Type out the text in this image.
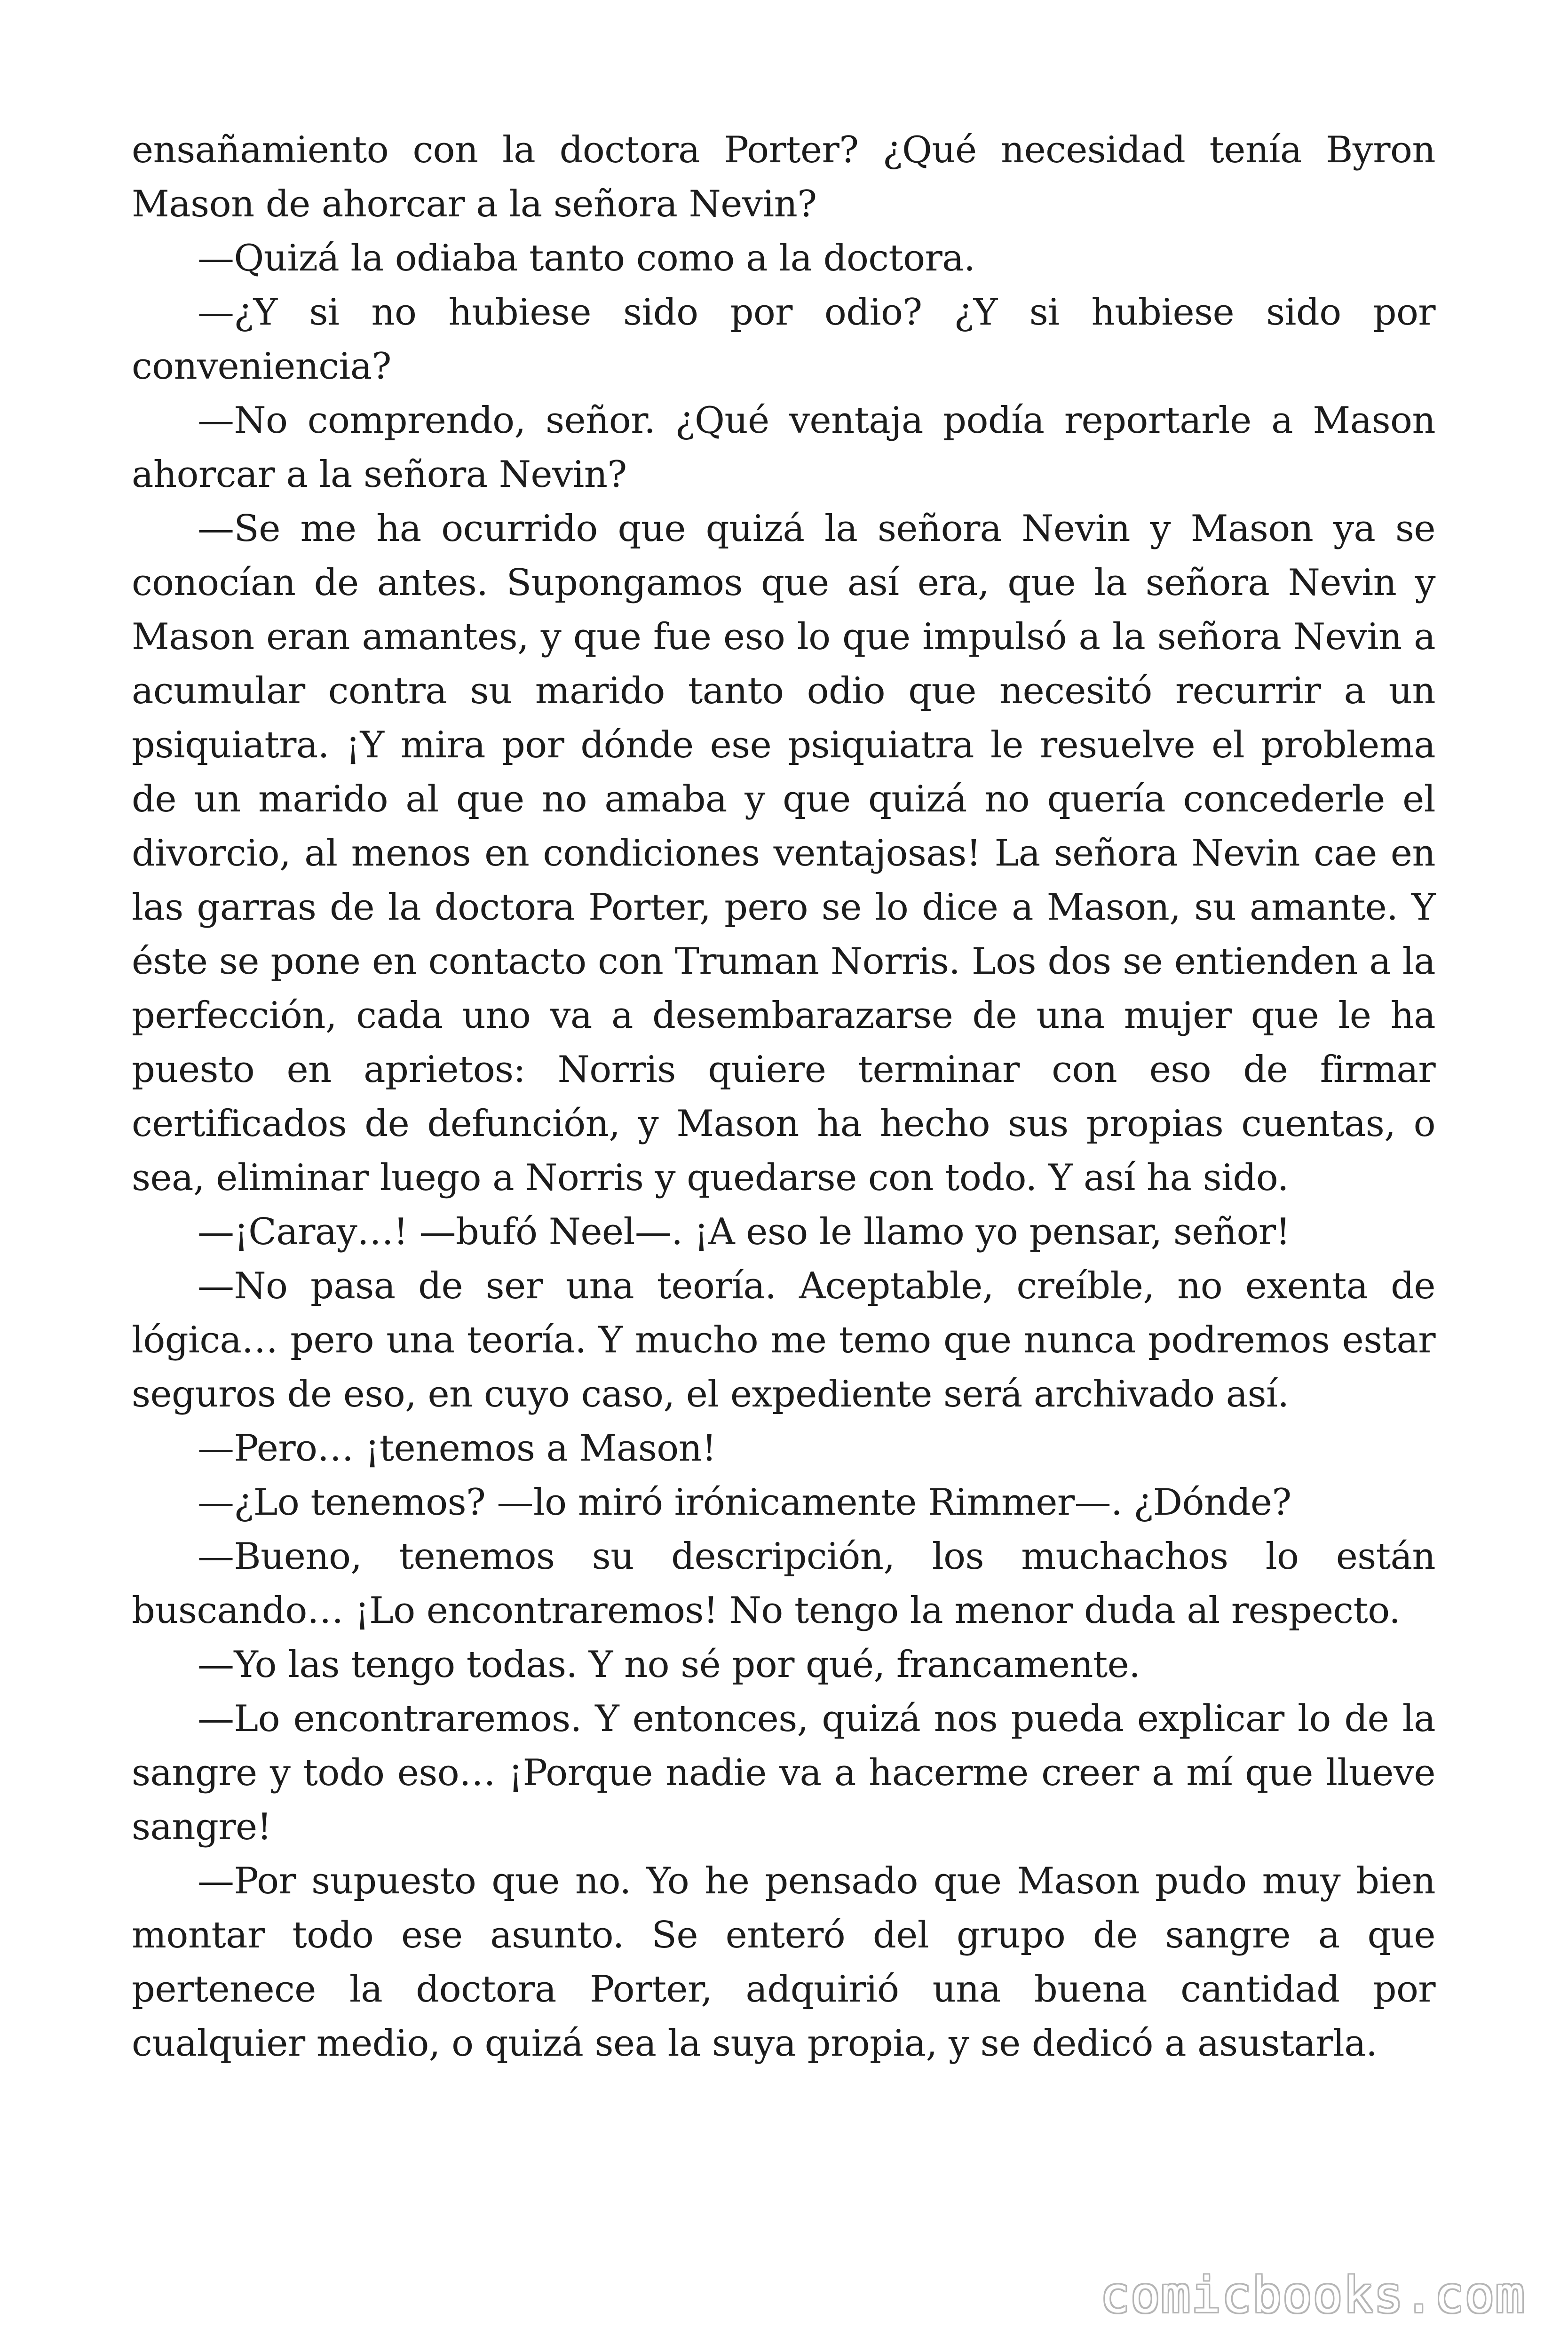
ensañamiento con la doctora Porter? ¿Qué necesidad tenía Byron Mason de ahorcar a la señora Nevin?

—Quizá la odiaba tanto como a la doctora.

—¿Y si no hubiese sido por odio? ¿Y si hubiese sido por conveniencia?

—No comprendo, señor. ¿Qué ventaja podía reportarle a Mason ahorcar a la señora Nevin?

—Se me ha ocurrido que quizá la señora Nevin y Mason ya se conocían de antes. Supongamos que así era, que la señora Nevin y Mason eran amantes, y que fue eso lo que impulsó a la señora Nevin a acumular contra su marido tanto odio que necesitó recurrir a un psiquiatra. ¡Y mira por dónde ese psiquiatra le resuelve el problema de un marido al que no amaba y que quizá no quería concederle el divorcio, al menos en condiciones ventajosas! La señora Nevin cae en las garras de la doctora Porter, pero se lo dice a Mason, su amante. Y éste se pone en contacto con Truman Norris. Los dos se entienden a la perfección, cada uno va a desembarazarse de una mujer que le ha puesto en aprietos: Norris quiere terminar con eso de firmar certificados de defunción, y Mason ha hecho sus propias cuentas, o sea, eliminar luego a Norris y quedarse con todo. Y así ha sido.

—¡Caray…! —bufó Neel—. ¡A eso le llamo yo pensar, señor!

—No pasa de ser una teoría. Aceptable, creíble, no exenta de lógica… pero una teoría. Y mucho me temo que nunca podremos estar seguros de eso, en cuyo caso, el expediente será archivado así.

—Pero… ¡tenemos a Mason!

—¿Lo tenemos? —lo miró irónicamente Rimmer—. ¿Dónde?

—Bueno, tenemos su descripción, los muchachos lo están buscando… ¡Lo encontraremos! No tengo la menor duda al respecto.

—Yo las tengo todas. Y no sé por qué, francamente.

—Lo encontraremos. Y entonces, quizá nos pueda explicar lo de la sangre y todo eso… ¡Porque nadie va a hacerme creer a mí que llueve sangre!

—Por supuesto que no. Yo he pensado que Mason pudo muy bien montar todo ese asunto. Se enteró del grupo de sangre a que pertenece la doctora Porter, adquirió una buena cantidad por cualquier medio, o quizá sea la suya propia, y se dedicó a asustarla.

comicbooks.com
